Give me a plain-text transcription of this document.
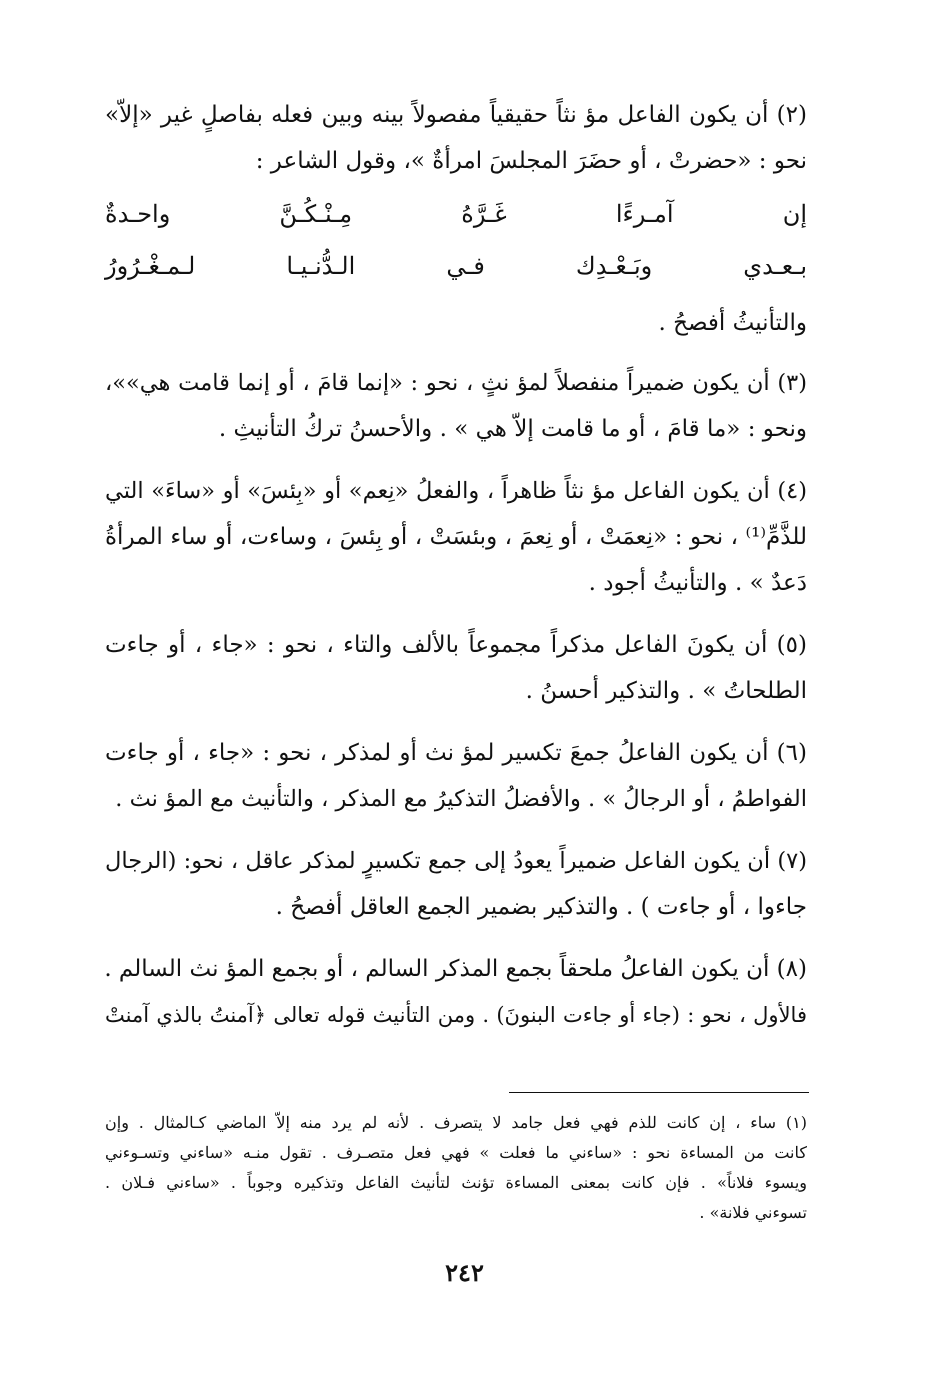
(٢) أن يكون الفاعل مؤ نثاً حقيقياً مفصولاً بينه وبين فعله بفاصلٍ غير «إلاّ»
نحو : «حضرتْ ، أو حضَرَ المجلسَ امرأةٌ »، وقول الشاعر :
إن آمـرءًا غَـرَّهُ مِـنْـكُـنَّ واحـدةٌ
بـعـدي وبَـعْـدِك فـي الـدُّنـيـا لـمـغْـرُورُ
والتأنيثُ أفصحُ .
(٣) أن يكون ضميراً منفصلاً لمؤ نثٍ ، نحو : «إنما قامَ ، أو إنما قامت هي»»،
ونحو : «ما قامَ ، أو ما قامت إلاّ هي » . والأحسنُ تركُ التأنيثِ .
(٤) أن يكون الفاعل مؤ نثاً ظاهراً ، والفعلُ «نِعم» أو «بِئسَ» أو «ساءَ» التي
للذَّمِّ⁽¹⁾ ، نحو : «نِعمَتْ ، أو نِعمَ ، وبئسَتْ ، أو بِئسَ ، وساءت، أو ساء المرأةُ
دَعدٌ » . والتأنيثُ أجود .
(٥) أن يكونَ الفاعل مذكراً مجموعاً بالألف والتاء ، نحو : «جاء ، أو جاءت
الطلحاتُ » . والتذكير أحسنُ .
(٦) أن يكون الفاعلُ جمعَ تكسير لمؤ نث أو لمذكر ، نحو : «جاء ، أو جاءت
الفواطمُ ، أو الرجالُ » . والأفضلُ التذكيرُ مع المذكر ، والتأنيث مع المؤ نث .
(٧) أن يكون الفاعل ضميراً يعودُ إلى جمع تكسيرٍ لمذكر عاقل ، نحو: (الرجال
جاءوا ، أو جاءت ) . والتذكير بضمير الجمع العاقل أفصحُ .
(٨) أن يكون الفاعلُ ملحقاً بجمع المذكر السالم ، أو بجمع المؤ نث السالم .
فالأول ، نحو : (جاء أو جاءت البنونَ) . ومن التأنيث قوله تعالى ﴿آمنتُ بالذي آمنتْ
(١) ساء ، إن كانت للذم فهي فعل جامد لا يتصرف . لأنه لم يرد منه إلاّ الماضي كـالمثال . وإن
كانت من المساءة نحو : «ساءني ما فعلت » فهي فعل متصـرف . تقول منـه «ساءني وتسـوءني
ويسوء فلاناً» . فإن كانت بمعنى المساءة تؤنث لتأنيث الفاعل وتذكيره وجوباً . «ساءني فـلان .
تسوءني فلانة» .
٢٤٢
